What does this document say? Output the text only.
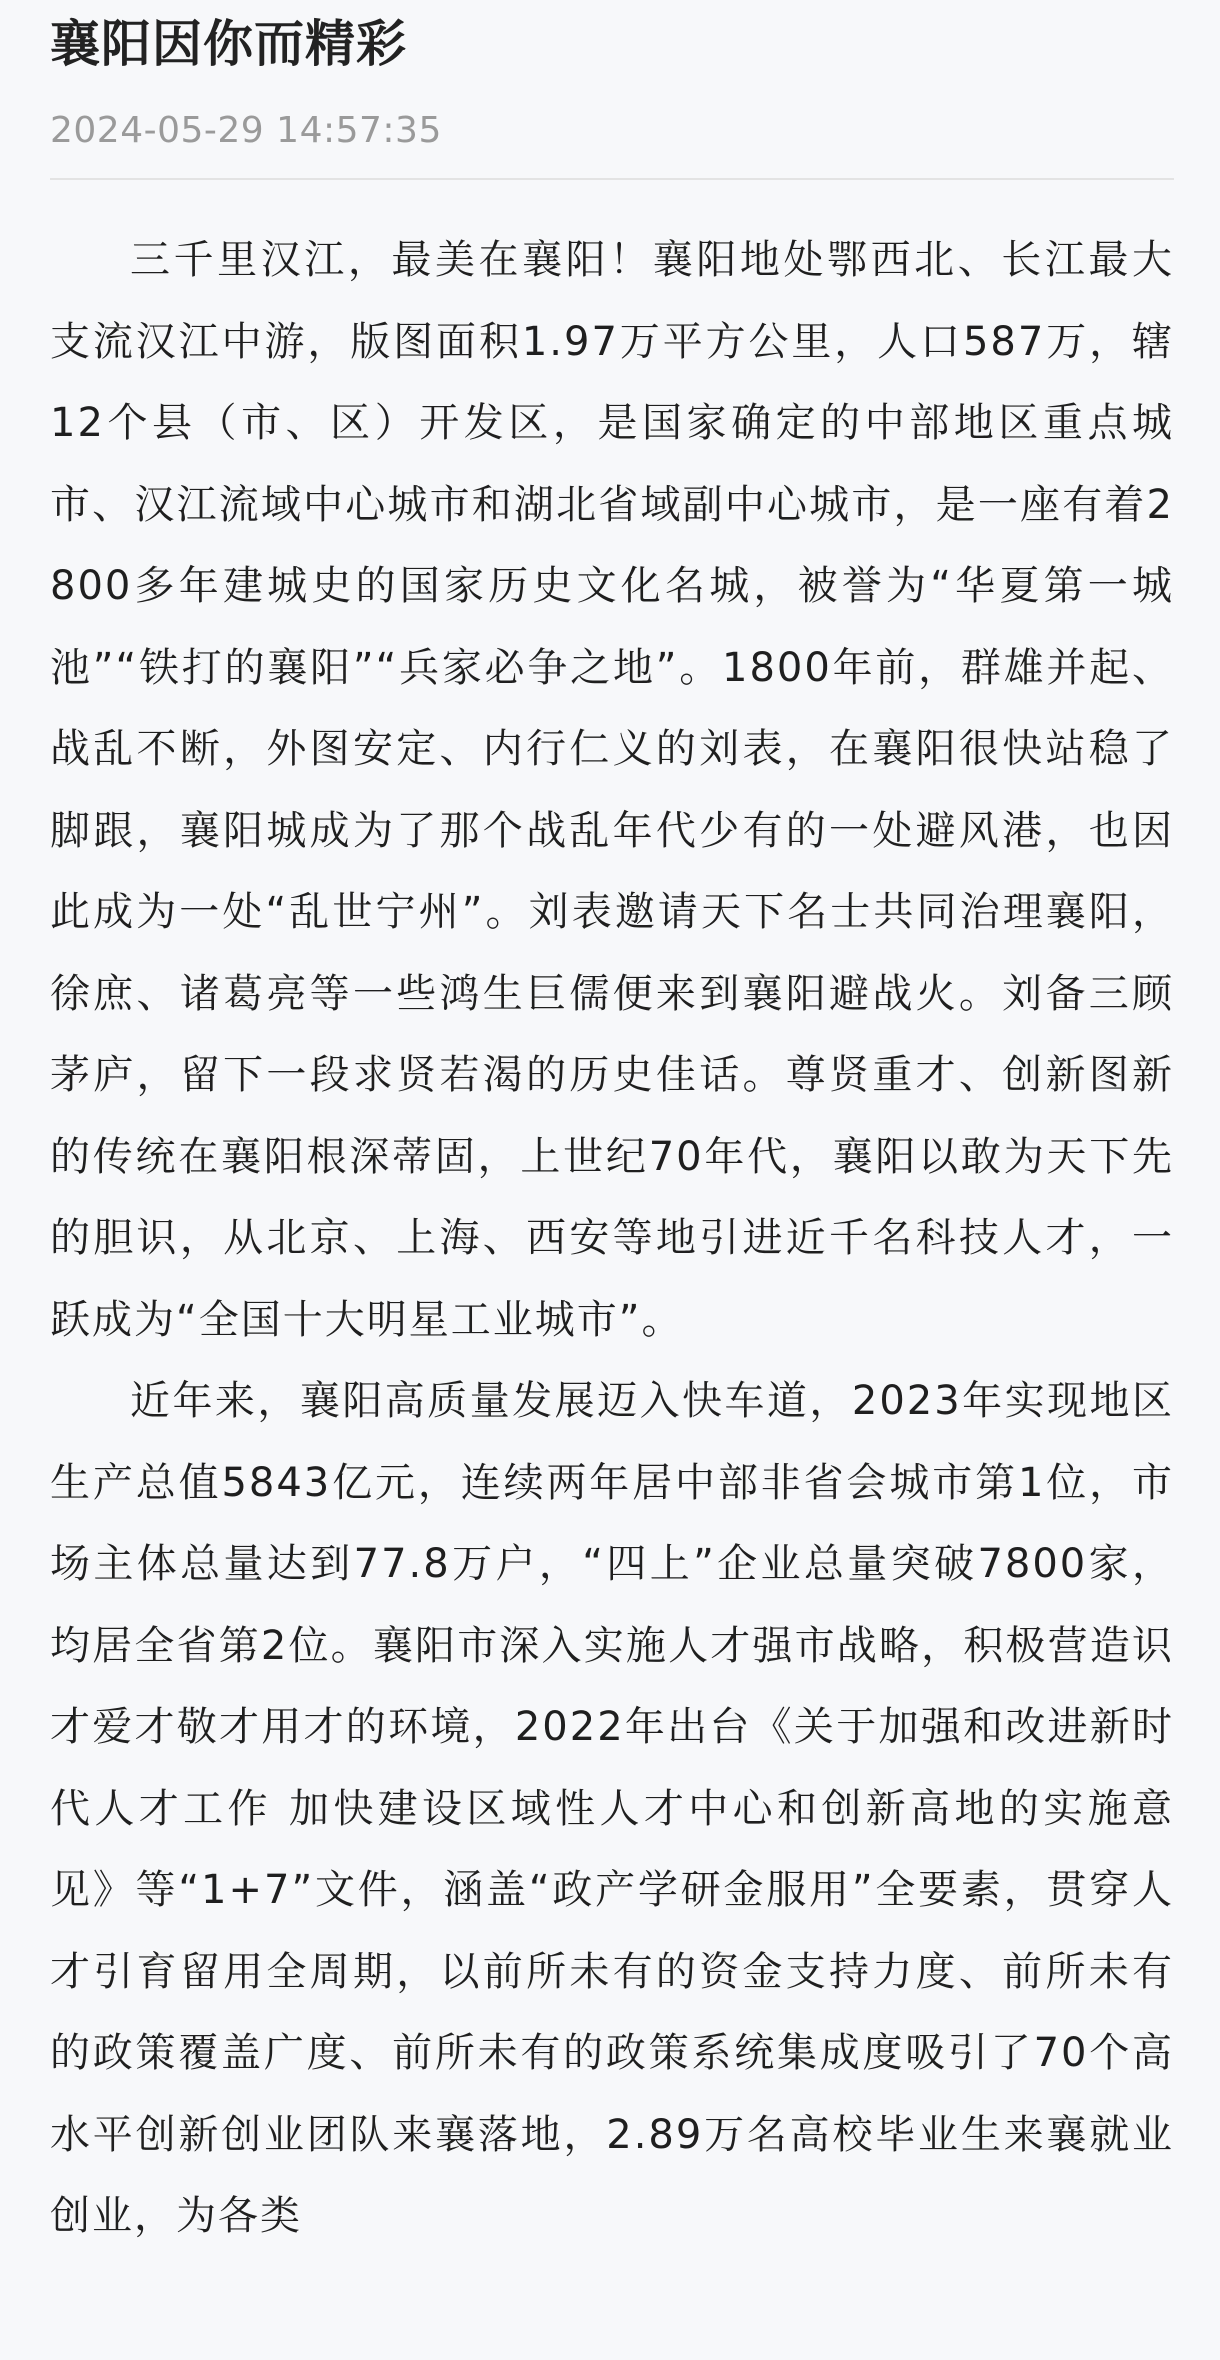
襄阳因你而精彩
2024-05-29 14:57:35

三千里汉江，最美在襄阳！襄阳地处鄂西北、长江最大支流汉江中游，版图面积1.97万平方公里，人口587万，辖12个县（市、区）开发区，是国家确定的中部地区重点城市、汉江流域中心城市和湖北省域副中心城市，是一座有着2800多年建城史的国家历史文化名城，被誉为“华夏第一城池”“铁打的襄阳”“兵家必争之地”。1800年前，群雄并起、战乱不断，外图安定、内行仁义的刘表，在襄阳很快站稳了脚跟，襄阳城成为了那个战乱年代少有的一处避风港，也因此成为一处“乱世宁州”。刘表邀请天下名士共同治理襄阳，徐庶、诸葛亮等一些鸿生巨儒便来到襄阳避战火。刘备三顾茅庐，留下一段求贤若渴的历史佳话。尊贤重才、创新图新的传统在襄阳根深蒂固，上世纪70年代，襄阳以敢为天下先的胆识，从北京、上海、西安等地引进近千名科技人才，一跃成为“全国十大明星工业城市”。

近年来，襄阳高质量发展迈入快车道，2023年实现地区生产总值5843亿元，连续两年居中部非省会城市第1位，市场主体总量达到77.8万户，“四上”企业总量突破7800家，均居全省第2位。襄阳市深入实施人才强市战略，积极营造识才爱才敬才用才的环境，2022年出台《关于加强和改进新时代人才工作 加快建设区域性人才中心和创新高地的实施意见》等“1+7”文件，涵盖“政产学研金服用”全要素，贯穿人才引育留用全周期，以前所未有的资金支持力度、前所未有的政策覆盖广度、前所未有的政策系统集成度吸引了70个高水平创新创业团队来襄落地，2.89万名高校毕业生来襄就业创业，为各类
